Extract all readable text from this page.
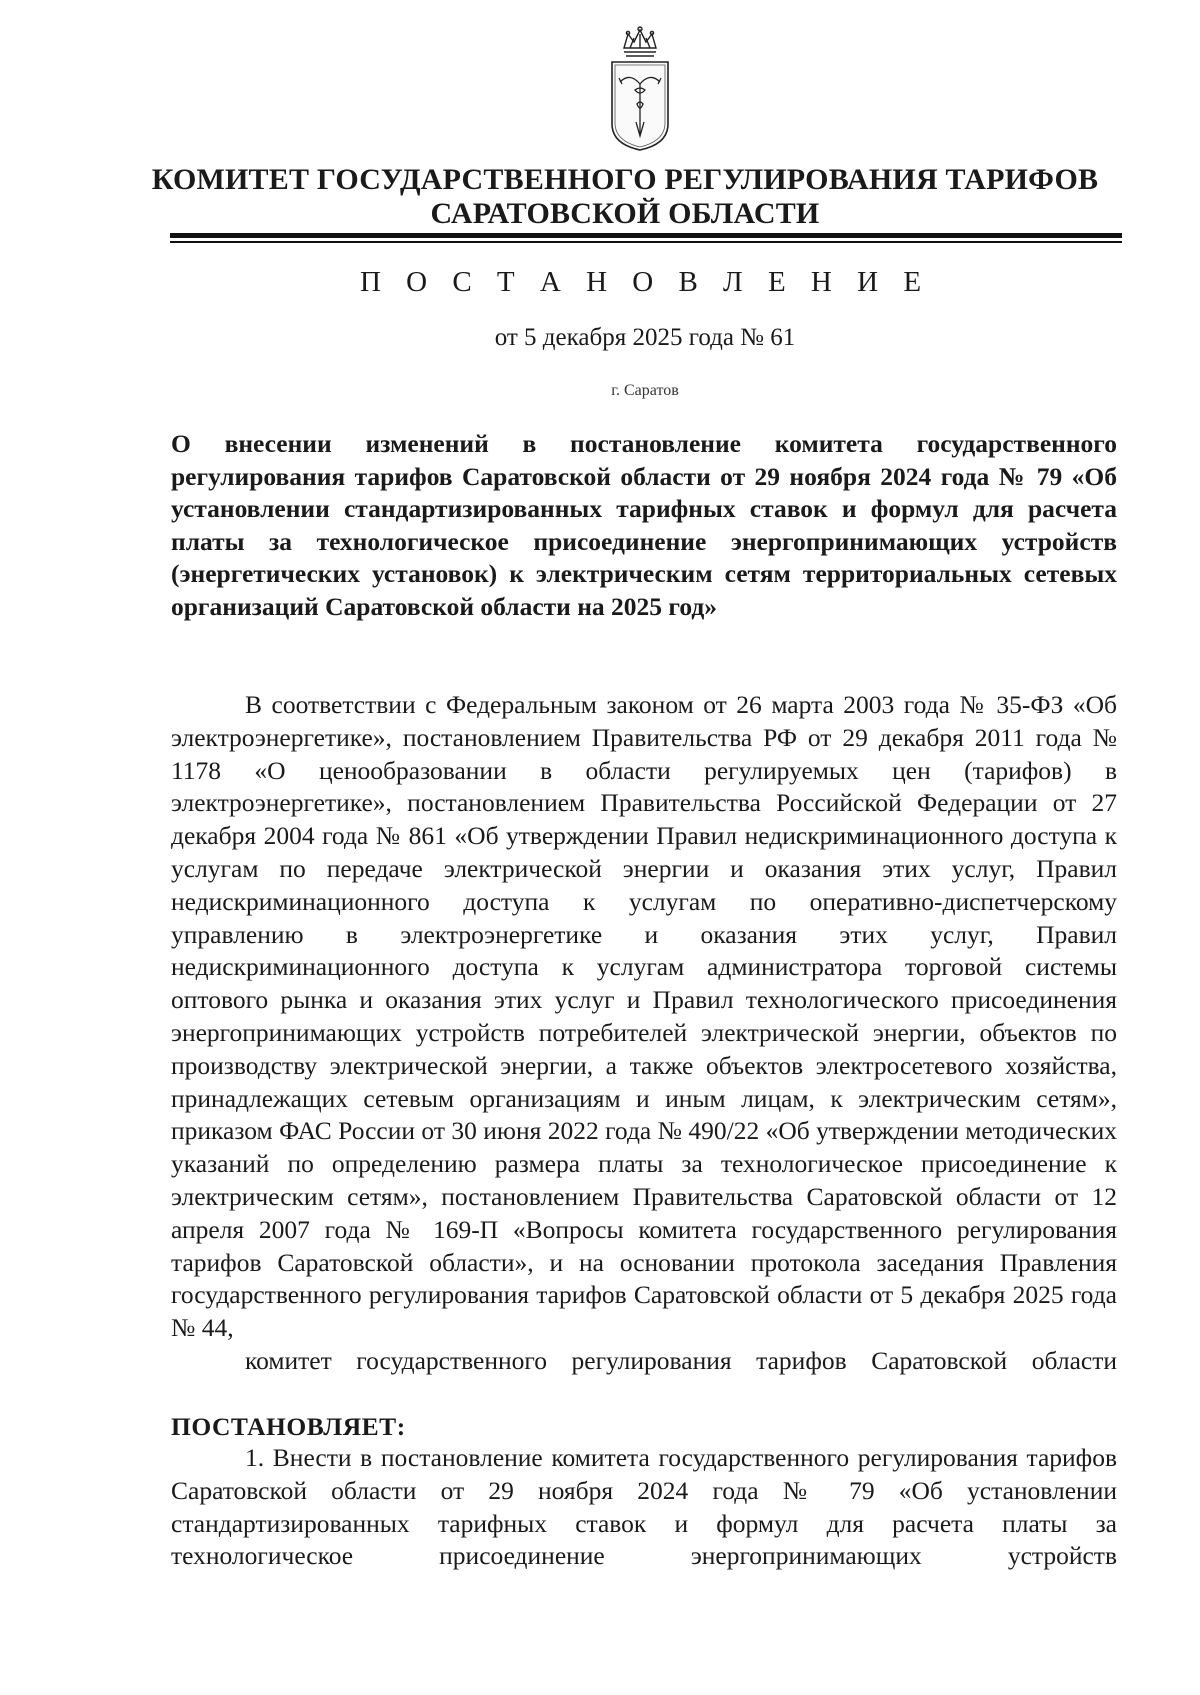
КОМИТЕТ ГОСУДАРСТВЕННОГО РЕГУЛИРОВАНИЯ ТАРИФОВ
САРАТОВСКОЙ ОБЛАСТИ
П О С Т А Н О В Л Е Н И Е
от 5 декабря 2025 года № 61
г. Саратов
О внесении изменений в постановление комитета государственного регулирования тарифов Саратовской области от 29 ноября 2024 года № 79 «Об установлении стандартизированных тарифных ставок и формул для расчета платы за технологическое присоединение энергопринимающих устройств (энергетических установок) к электрическим сетям территориальных сетевых организаций Саратовской области на 2025 год»
В соответствии с Федеральным законом от 26 марта 2003 года № 35-ФЗ «Об электроэнергетике», постановлением Правительства РФ от 29 декабря 2011 года № 1178 «О ценообразовании в области регулируемых цен (тарифов) в электроэнергетике», постановлением Правительства Российской Федерации от 27 декабря 2004 года № 861 «Об утверждении Правил недискриминационного доступа к услугам по передаче электрической энергии и оказания этих услуг, Правил недискриминационного доступа к услугам по оперативно-диспетчерскому управлению в электроэнергетике и оказания этих услуг, Правил недискриминационного доступа к услугам администратора торговой системы оптового рынка и оказания этих услуг и Правил технологического присоединения энергопринимающих устройств потребителей электрической энергии, объектов по производству электрической энергии, а также объектов электросетевого хозяйства, принадлежащих сетевым организациям и иным лицам, к электрическим сетям», приказом ФАС России от 30 июня 2022 года № 490/22 «Об утверждении методических указаний по определению размера платы за технологическое присоединение к электрическим сетям», постановлением Правительства Саратовской области от 12 апреля 2007 года № 169-П «Вопросы комитета государственного регулирования тарифов Саратовской области», и на основании протокола заседания Правления государственного регулирования тарифов Саратовской области от 5 декабря 2025 года № 44,
комитет государственного регулирования тарифов Саратовской области
ПОСТАНОВЛЯЕТ:
1. Внести в постановление комитета государственного регулирования тарифов Саратовской области от 29 ноября 2024 года № 79 «Об установлении стандартизированных тарифных ставок и формул для расчета платы за технологическое присоединение энергопринимающих устройств
